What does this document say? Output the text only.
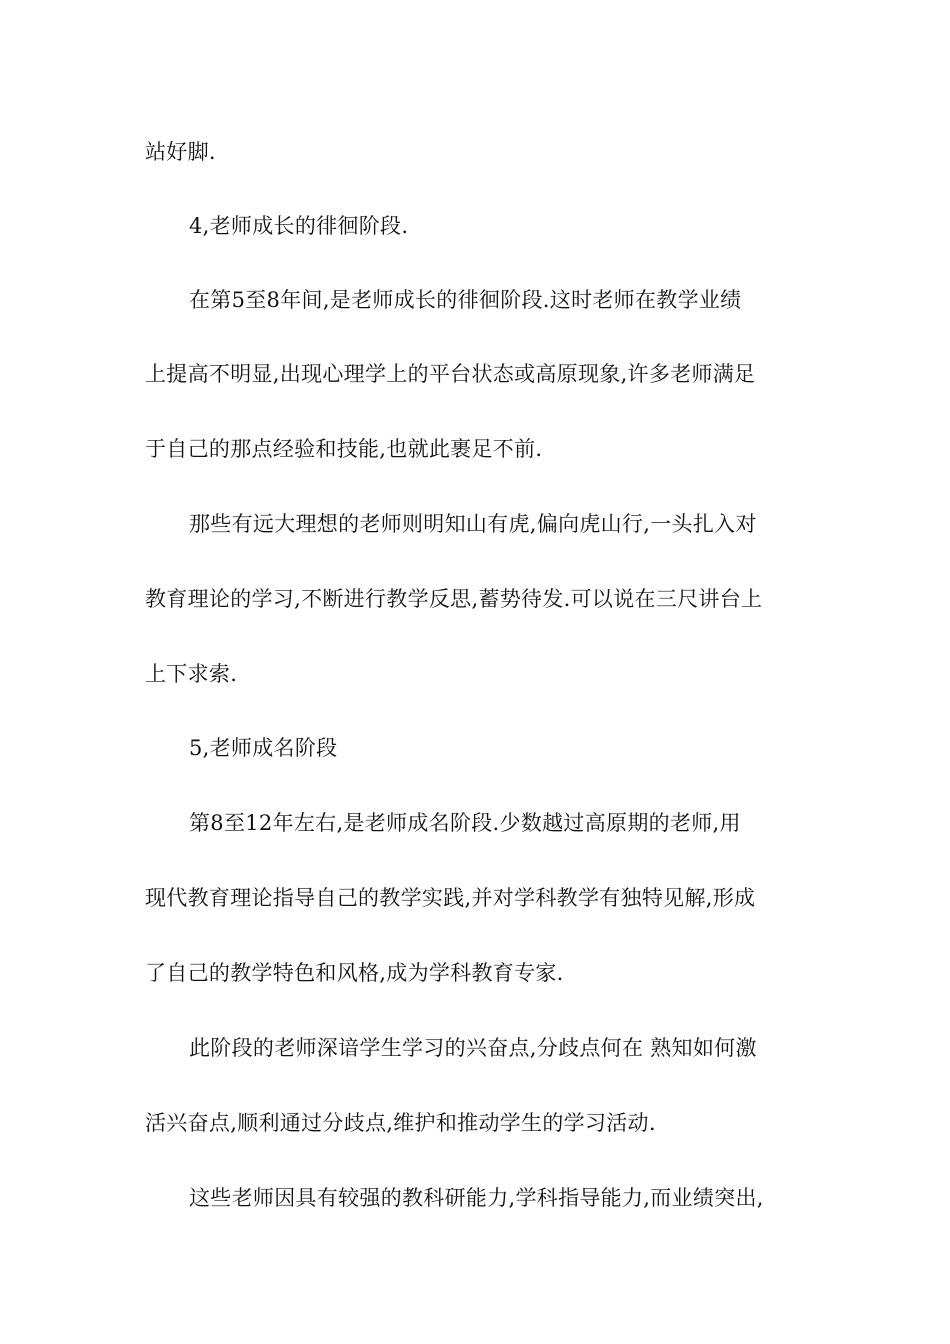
站好脚.
4,老师成长的徘徊阶段.
在第5至8年间,是老师成长的徘徊阶段.这时老师在教学业绩
上提高不明显,出现心理学上的平台状态或高原现象,许多老师满足
于自己的那点经验和技能,也就此裹足不前.
那些有远大理想的老师则明知山有虎,偏向虎山行,一头扎入对
教育理论的学习,不断进行教学反思,蓄势待发.可以说在三尺讲台上
上下求索.
5,老师成名阶段
第8至12年左右,是老师成名阶段.少数越过高原期的老师,用
现代教育理论指导自己的教学实践,并对学科教学有独特见解,形成
了自己的教学特色和风格,成为学科教育专家.
此阶段的老师深谙学生学习的兴奋点,分歧点何在 熟知如何激
活兴奋点,顺利通过分歧点,维护和推动学生的学习活动.
这些老师因具有较强的教科研能力,学科指导能力,而业绩突出,
